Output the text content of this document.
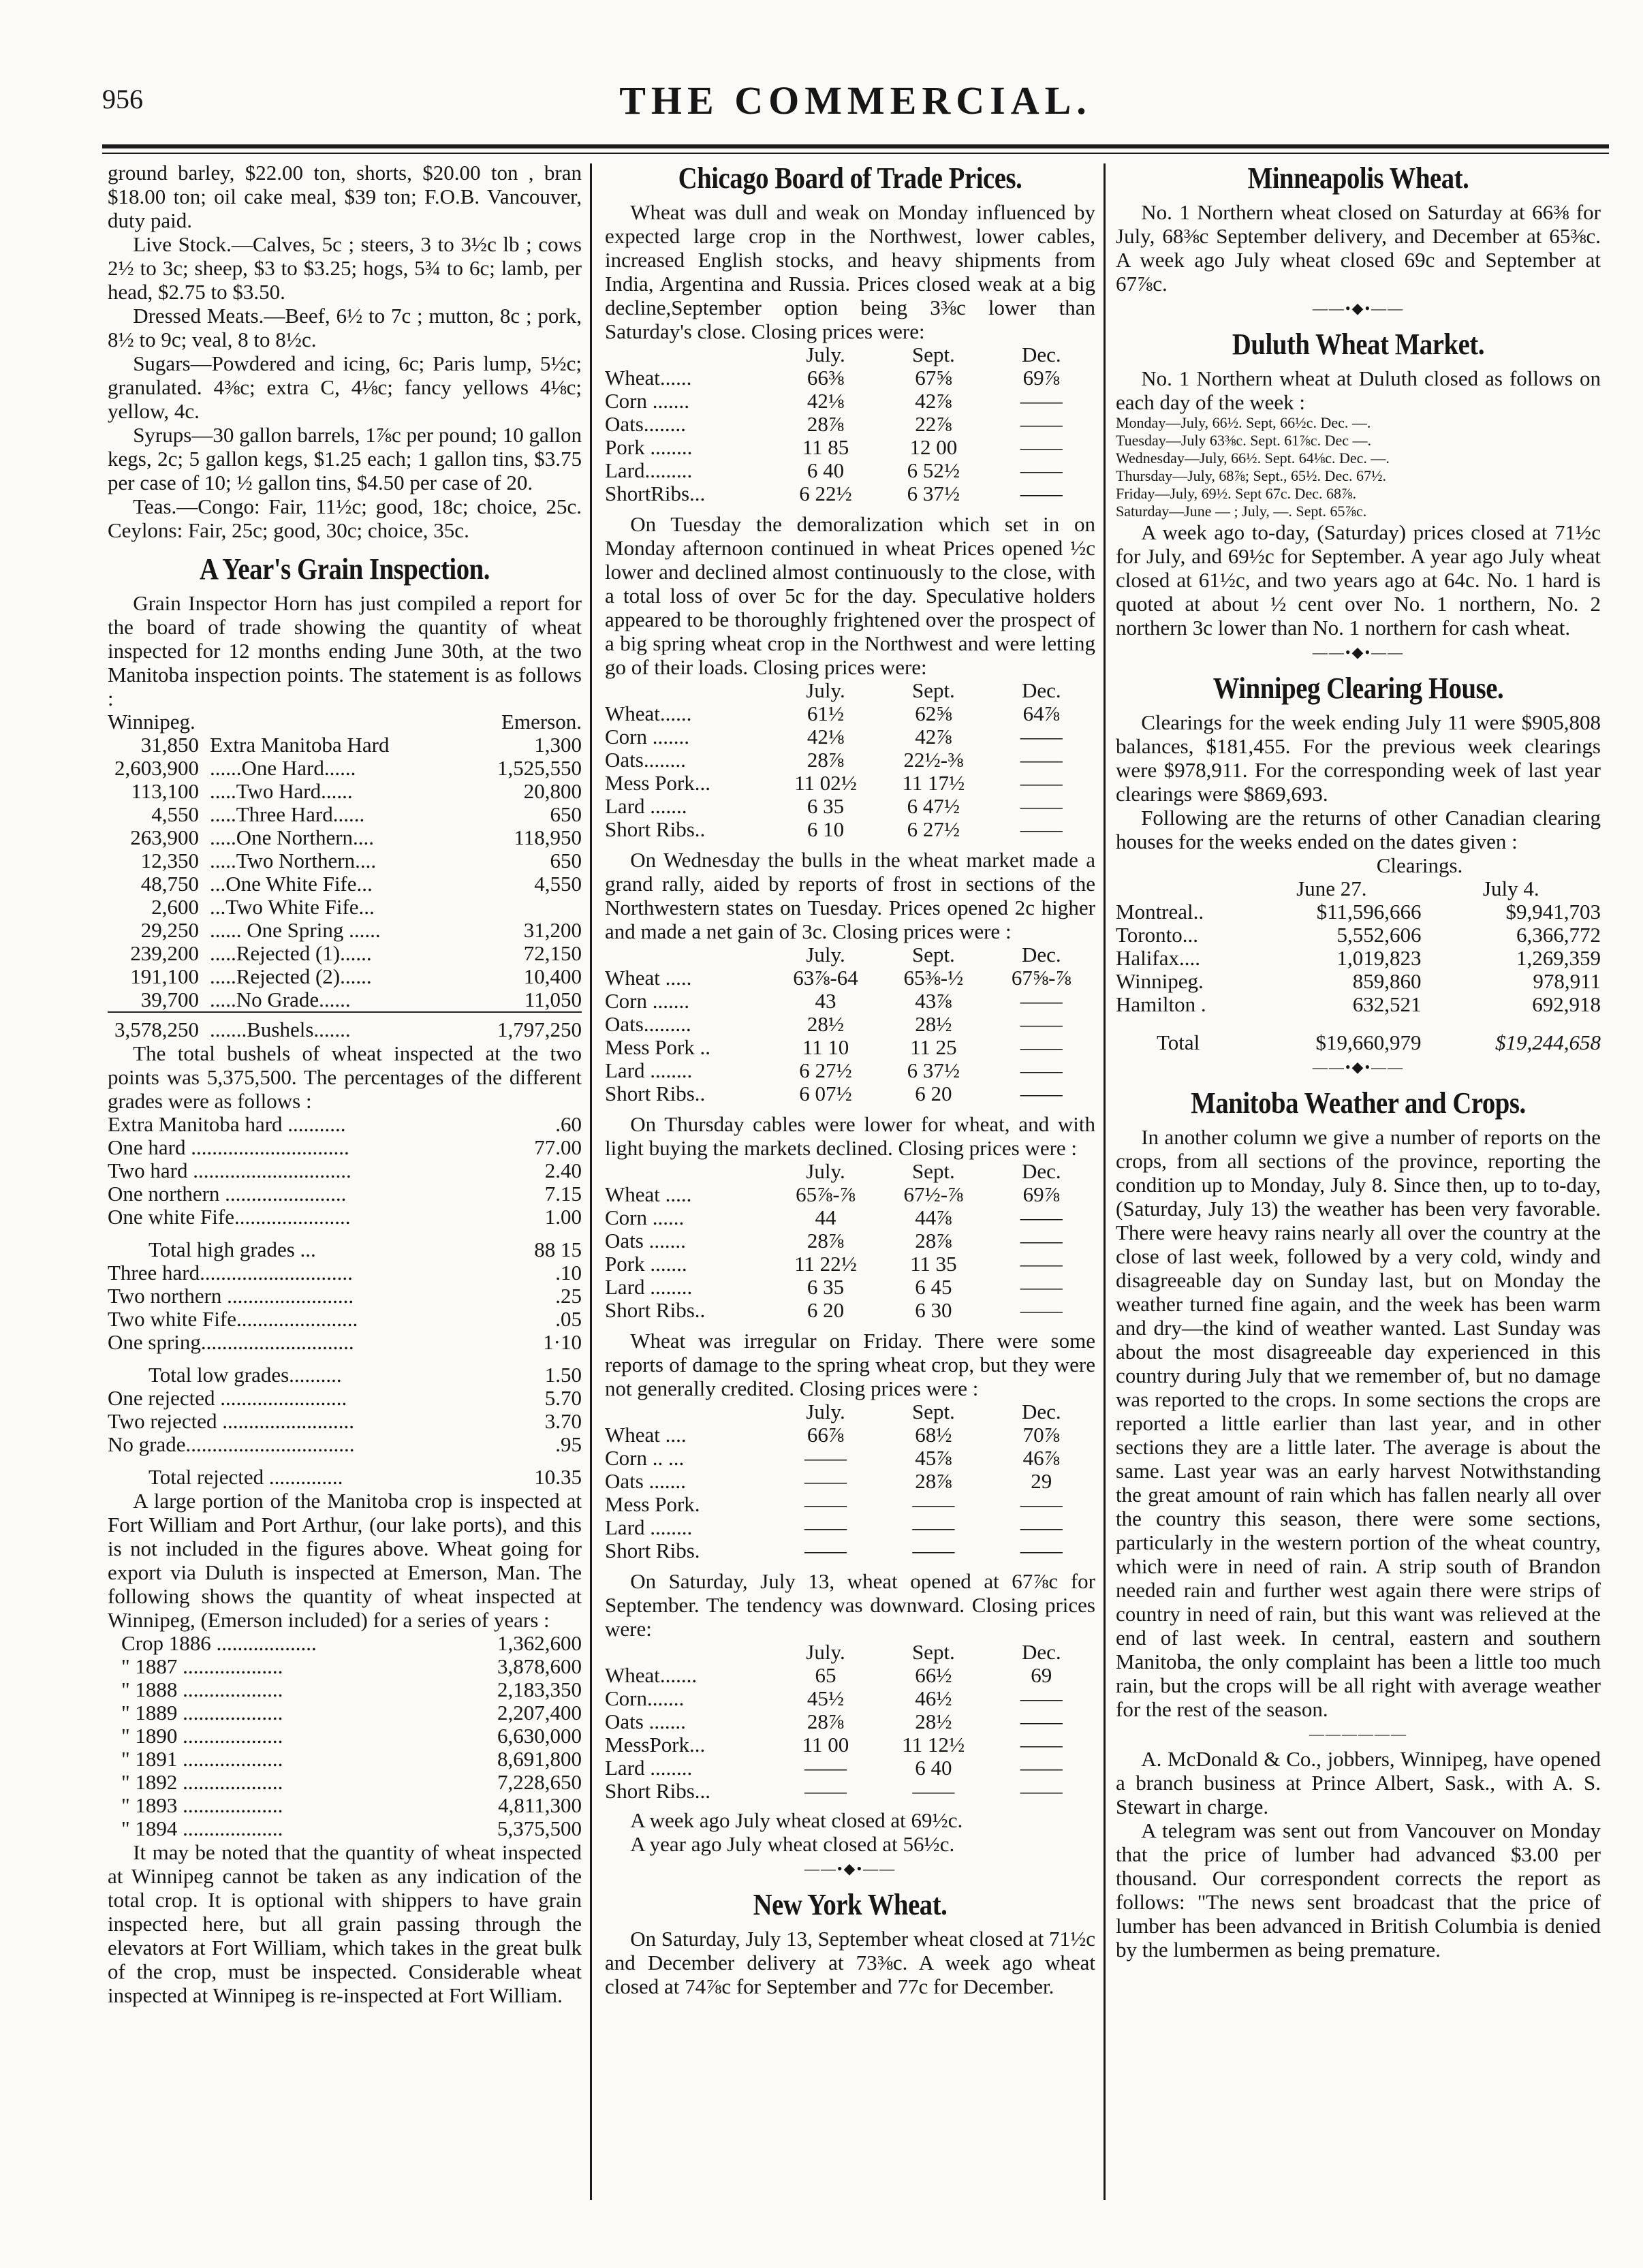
956	THE COMMERCIAL.

ground barley, $22.00 ton, shorts, $20.00 ton , bran $18.00 ton; oil cake meal, $39 ton; F.O.B. Vancouver, duty paid.

Live Stock.—Calves, 5c ; steers, 3 to 3½c lb ; cows 2½ to 3c; sheep, $3 to $3.25; hogs, 5¾ to 6c; lamb, per head, $2.75 to $3.50.

Dressed Meats.—Beef, 6½ to 7c ; mutton, 8c ; pork, 8½ to 9c; veal, 8 to 8½c.

Sugars—Powdered and icing, 6c; Paris lump, 5½c; granulated. 4⅜c; extra C, 4⅛c; fancy yellows 4⅛c; yellow, 4c.

Syrups—30 gallon barrels, 1⅞c per pound; 10 gallon kegs, 2c; 5 gallon kegs, $1.25 each; 1 gallon tins, $3.75 per case of 10; ½ gallon tins, $4.50 per case of 20.

Teas.—Congo: Fair, 11½c; good, 18c; choice, 25c. Ceylons: Fair, 25c; good, 30c; choice, 35c.

A Year's Grain Inspection.

Grain Inspector Horn has just compiled a report for the board of trade showing the quantity of wheat inspected for 12 months ending June 30th, at the two Manitoba inspection points. The statement is as follows :

Winnipeg.		Emerson.
31,850	Extra Manitoba Hard	1,300
2,603,900	......One Hard......	1,525,550
113,100	.....Two Hard......	20,800
4,550	.....Three Hard......	650
263,900	.....One Northern....	118,950
12,350	.....Two Northern....	650
48,750	...One White Fife...	4,550
2,600	...Two White Fife...	
29,250	...... One Spring ......	31,200
239,200	.....Rejected (1)......	72,150
191,100	.....Rejected (2)......	10,400
39,700	.....No Grade......	11,050
3,578,250	.......Bushels.......	1,797,250

The total bushels of wheat inspected at the two points was 5,375,500. The percentages of the different grades were as follows :

Extra Manitoba hard ...........	.60
One hard ..............................	77.00
Two hard ..............................	2.40
One northern .......................	7.15
One white Fife......................	1.00
Total high grades ...	88 15
Three hard.............................	.10
Two northern ........................	.25
Two white Fife.......................	.05
One spring.............................	1·10
Total low grades..........	1.50
One rejected ........................	5.70
Two rejected .........................	3.70
No grade................................	.95
Total rejected ..............	10.35

A large portion of the Manitoba crop is inspected at Fort William and Port Arthur, (our lake ports), and this is not included in the figures above. Wheat going for export via Duluth is inspected at Emerson, Man. The following shows the quantity of wheat inspected at Winnipeg, (Emerson included) for a series of years :

Crop 1886 ...................	1,362,600
" 1887 ...................	3,878,600
" 1888 ...................	2,183,350
" 1889 ...................	2,207,400
" 1890 ...................	6,630,000
" 1891 ...................	8,691,800
" 1892 ...................	7,228,650
" 1893 ...................	4,811,300
" 1894 ...................	5,375,500

It may be noted that the quantity of wheat inspected at Winnipeg cannot be taken as any indication of the total crop. It is optional with shippers to have grain inspected here, but all grain passing through the elevators at Fort William, which takes in the great bulk of the crop, must be inspected. Considerable wheat inspected at Winnipeg is re-inspected at Fort William.

Chicago Board of Trade Prices.

Wheat was dull and weak on Monday influenced by expected large crop in the Northwest, lower cables, increased English stocks, and heavy shipments from India, Argentina and Russia. Prices closed weak at a big decline,September option being 3⅜c lower than Saturday's close. Closing prices were:

	July.	Sept.	Dec.
Wheat......	66⅜	67⅝	69⅞
Corn .......	42⅛	42⅞	——
Oats........	28⅞	22⅞	——
Pork ........	11 85	12 00	——
Lard.........	6 40	6 52½	——
ShortRibs...	6 22½	6 37½	——

On Tuesday the demoralization which set in on Monday afternoon continued in wheat Prices opened ½c lower and declined almost continuously to the close, with a total loss of over 5c for the day. Speculative holders appeared to be thoroughly frightened over the prospect of a big spring wheat crop in the Northwest and were letting go of their loads. Closing prices were:

	July.	Sept.	Dec.
Wheat......	61½	62⅝	64⅞
Corn .......	42⅛	42⅞	——
Oats........	28⅞	22½-⅜	——
Mess Pork...	11 02½	11 17½	——
Lard .......	6 35	6 47½	——
Short Ribs..	6 10	6 27½	——

On Wednesday the bulls in the wheat market made a grand rally, aided by reports of frost in sections of the Northwestern states on Tuesday. Prices opened 2c higher and made a net gain of 3c. Closing prices were :

	July.	Sept.	Dec.
Wheat .....	63⅞-64	65⅜-½	67⅝-⅞
Corn .......	43	43⅞	——
Oats.........	28½	28½	——
Mess Pork ..	11 10	11 25	——
Lard ........	6 27½	6 37½	——
Short Ribs..	6 07½	6 20	——

On Thursday cables were lower for wheat, and with light buying the markets declined. Closing prices were :

	July.	Sept.	Dec.
Wheat .....	65⅞-⅞	67½-⅞	69⅞
Corn ......	44	44⅞	——
Oats .......	28⅞	28⅞	——
Pork .......	11 22½	11 35	——
Lard ........	6 35	6 45	——
Short Ribs..	6 20	6 30	——

Wheat was irregular on Friday. There were some reports of damage to the spring wheat crop, but they were not generally credited. Closing prices were :

	July.	Sept.	Dec.
Wheat ....	66⅞	68½	70⅞
Corn .. ...	——	45⅞	46⅞
Oats .......	——	28⅞	29
Mess Pork.	——	——	——
Lard ........	——	——	——
Short Ribs.	——	——	——

On Saturday, July 13, wheat opened at 67⅞c for September. The tendency was downward. Closing prices were:

	July.	Sept.	Dec.
Wheat.......	65	66½	69
Corn.......	45½	46½	——
Oats .......	28⅞	28½	——
MessPork...	11 00	11 12½	——
Lard ........	——	6 40	——
Short Ribs...	——	——	——

A week ago July wheat closed at 69½c.

A year ago July wheat closed at 56½c.

——•◆•——
New York Wheat.

On Saturday, July 13, September wheat closed at 71½c and December delivery at 73⅜c. A week ago wheat closed at 74⅞c for September and 77c for December.

Minneapolis Wheat.

No. 1 Northern wheat closed on Saturday at 66⅜ for July, 68⅜c September delivery, and December at 65⅜c. A week ago July wheat closed 69c and September at 67⅞c.

——•◆•——
Duluth Wheat Market.

No. 1 Northern wheat at Duluth closed as follows on each day of the week :

Monday—July, 66½. Sept, 66½c. Dec. —.
Tuesday—July 63⅜c. Sept. 61⅞c. Dec —.
Wednesday—July, 66½. Sept. 64⅛c. Dec. —.
Thursday—July, 68⅞; Sept., 65½. Dec. 67½.
Friday—July, 69½. Sept 67c. Dec. 68⅞.
Saturday—June — ; July, —. Sept. 65⅞c.

A week ago to-day, (Saturday) prices closed at 71½c for July, and 69½c for September. A year ago July wheat closed at 61½c, and two years ago at 64c. No. 1 hard is quoted at about ½ cent over No. 1 northern, No. 2 northern 3c lower than No. 1 northern for cash wheat.

——•◆•——
Winnipeg Clearing House.

Clearings for the week ending July 11 were $905,808 balances, $181,455. For the previous week clearings were $978,911. For the corresponding week of last year clearings were $869,693.

Following are the returns of other Canadian clearing houses for the weeks ended on the dates given :

Clearings.
	June 27.	July 4.
Montreal..	$11,596,666	$9,941,703
Toronto...	5,552,606	6,366,772
Halifax....	1,019,823	1,269,359
Winnipeg.	859,860	978,911
Hamilton .	632,521	692,918
Total	$19,660,979	$19,244,658
——•◆•——
Manitoba Weather and Crops.

In another column we give a number of reports on the crops, from all sections of the province, reporting the condition up to Monday, July 8. Since then, up to to-day, (Saturday, July 13) the weather has been very favorable. There were heavy rains nearly all over the country at the close of last week, followed by a very cold, windy and disagreeable day on Sunday last, but on Monday the weather turned fine again, and the week has been warm and dry—the kind of weather wanted. Last Sunday was about the most disagreeable day experienced in this country during July that we remember of, but no damage was reported to the crops. In some sections the crops are reported a little earlier than last year, and in other sections they are a little later. The average is about the same. Last year was an early harvest Notwithstanding the great amount of rain which has fallen nearly all over the country this season, there were some sections, particularly in the western portion of the wheat country, which were in need of rain. A strip south of Brandon needed rain and further west again there were strips of country in need of rain, but this want was relieved at the end of last week. In central, eastern and southern Manitoba, the only complaint has been a little too much rain, but the crops will be all right with average weather for the rest of the season.

——————

A. McDonald & Co., jobbers, Winnipeg, have opened a branch business at Prince Albert, Sask., with A. S. Stewart in charge.

A telegram was sent out from Vancouver on Monday that the price of lumber had advanced $3.00 per thousand. Our correspondent corrects the report as follows: "The news sent broadcast that the price of lumber has been advanced in British Columbia is denied by the lumbermen as being premature.
